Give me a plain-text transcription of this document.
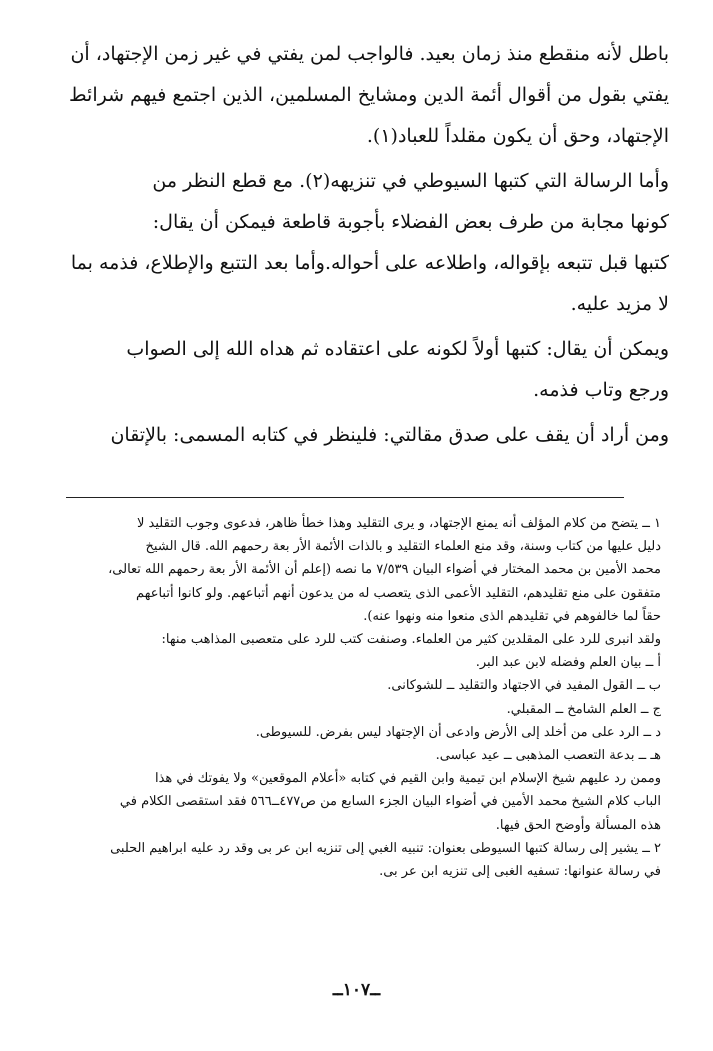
باطل لأنه منقطع منذ زمان بعيد. فالواجب لمن يفتي في غير زمن الإجتهاد، أن
يفتي بقول من أقوال أئمة الدين ومشايخ المسلمين، الذين اجتمع فيهم شرائط
الإجتهاد، وحق أن يكون مقلداً للعباد(١).
وأما الرسالة التي كتبها السيوطي في تنزيهه(٢). مع قطع النظر من
كونها مجابة من طرف بعض الفضلاء بأجوبة قاطعة فيمكن أن يقال:
كتبها قبل تتبعه بإقواله، واطلاعه على أحواله.وأما بعد التتبع والإطلاع، فذمه بما
لا مزيد عليه.
ويمكن أن يقال: كتبها أولاً لكونه على اعتقاده ثم هداه الله إلى الصواب
ورجع وتاب فذمه.
ومن أراد أن يقف على صدق مقالتي: فلينظر في كتابه المسمى: بالإتقان
١ ــ يتضح من كلام المؤلف أنه يمنع الإجتهاد، و يرى التقليد وهذا خطأ ظاهر، فدعوى وجوب التقليد لا
دليل عليها من كتاب وسنة، وقد منع العلماء التقليد و بالذات الأئمة الأر بعة رحمهم الله. قال الشيخ
محمد الأمين بن محمد المختار في أضواء البيان ٧/٥٣٩ ما نصه (إعلم أن الأئمة الأر بعة رحمهم الله تعالى،
متفقون على منع تقليدهم، التقليد الأعمى الذى يتعصب له من يدعون أنهم أتباعهم. ولو كانوا أتباعهم
حقاً لما خالفوهم في تقليدهم الذى منعوا منه ونهوا عنه).
ولقد انبرى للرد على المقلدين كثير من العلماء. وصنفت كتب للرد على متعصبى المذاهب منها:
أ ــ بيان العلم وفضله لابن عبد البر.
ب ــ القول المفيد في الاجتهاد والتقليد ــ للشوكانى.
ج ــ العلم الشامخ ــ المقبلي.
د ــ الرد على من أخلد إلى الأرض وادعى أن الإجتهاد ليس بفرض. للسيوطى.
هـ ــ بدعة التعصب المذهبى ــ عيد عباسى.
وممن رد عليهم شيخ الإسلام ابن تيمية وابن القيم في كتابه «أعلام الموقعين» ولا يفوتك في هذا
الباب كلام الشيخ محمد الأمين في أضواء البيان الجزء السابع من ص٤٧٧ــ٥٦٦ فقد استقصى الكلام في
هذه المسألة وأوضح الحق فيها.
٢ ــ يشير إلى رسالة كتبها السيوطى بعنوان: تنبيه الغبي إلى تنزيه ابن عر بى وقد رد عليه ابراهيم الحلبى
في رسالة عنوانها: تسفيه الغبى إلى تنزيه ابن عر بى.
ــ١٠٧ــ
